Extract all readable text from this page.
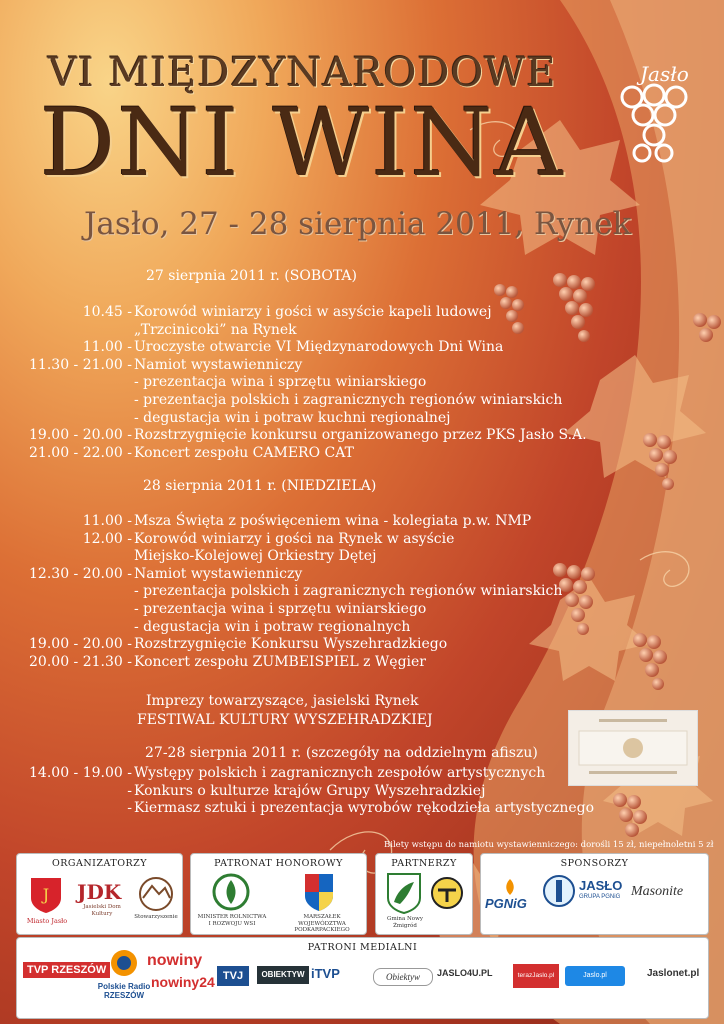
VI MIĘDZYNARODOWE
DNI WINA
Jasło, 27 - 28 sierpnia 2011, Rynek
Jasło
27 sierpnia 2011 r. (SOBOTA)
10.45 - Korowód winiarzy i gości w asyście kapeli ludowej
„Trzcinicoki” na Rynek
11.00 - Uroczyste otwarcie VI Międzynarodowych Dni Wina
11.30 - 21.00 - Namiot wystawienniczy
- prezentacja wina i sprzętu winiarskiego
- prezentacja polskich i zagranicznych regionów winiarskich
- degustacja win i potraw kuchni regionalnej
19.00 - 20.00 - Rozstrzygnięcie konkursu organizowanego przez PKS Jasło S.A.
21.00 - 22.00 - Koncert zespołu CAMERO CAT
28 sierpnia 2011 r. (NIEDZIELA)
11.00 - Msza Święta z poświęceniem wina - kolegiata p.w. NMP
12.00 - Korowód winiarzy i gości na Rynek w asyście
Miejsko-Kolejowej Orkiestry Dętej
12.30 - 20.00 - Namiot wystawienniczy
- prezentacja polskich i zagranicznych regionów winiarskich
- prezentacja wina i sprzętu winiarskiego
- degustacja win i potraw regionalnych
19.00 - 20.00 - Rozstrzygnięcie Konkursu Wyszehradzkiego
20.00 - 21.30 - Koncert zespołu ZUMBEISPIEL z Węgier
Imprezy towarzyszące, jasielski Rynek
FESTIWAL KULTURY WYSZEHRADZKIEJ
27-28 sierpnia 2011 r. (szczegóły na oddzielnym afiszu)
14.00 - 19.00 - Występy polskich i zagranicznych zespołów artystycznych
- Konkurs o kulturze krajów Grupy Wyszehradzkiej
- Kiermasz sztuki i prezentacja wyrobów rękodzieła artystycznego
Bilety wstępu do namiotu wystawienniczego: dorośli 15 zł, niepełnoletni 5 zł
ORGANIZATORZY
J
Miasto Jasło
JDK
Jasielski Dom Kultury
Stowarzyszenie
PATRONAT HONOROWY
MINISTER ROLNICTWA I ROZWOJU WSI
MARSZAŁEK WOJEWÓDZTWA PODKARPACKIEGO
PARTNERZY
Gmina Nowy Żmigród
SPONSORZY
PGNiG
JASŁO
GRUPA PGNiG Masonite
PATRONI MEDIALNI
TVP RZESZÓW
Polskie Radio RZESZÓW
nowiny
nowiny24 TVJ	OBIEKTYW iTVP	Obiektyw	JASLO4U.PL	terazJaslo.pl	Jaslo.pl	Jaslonet.pl
